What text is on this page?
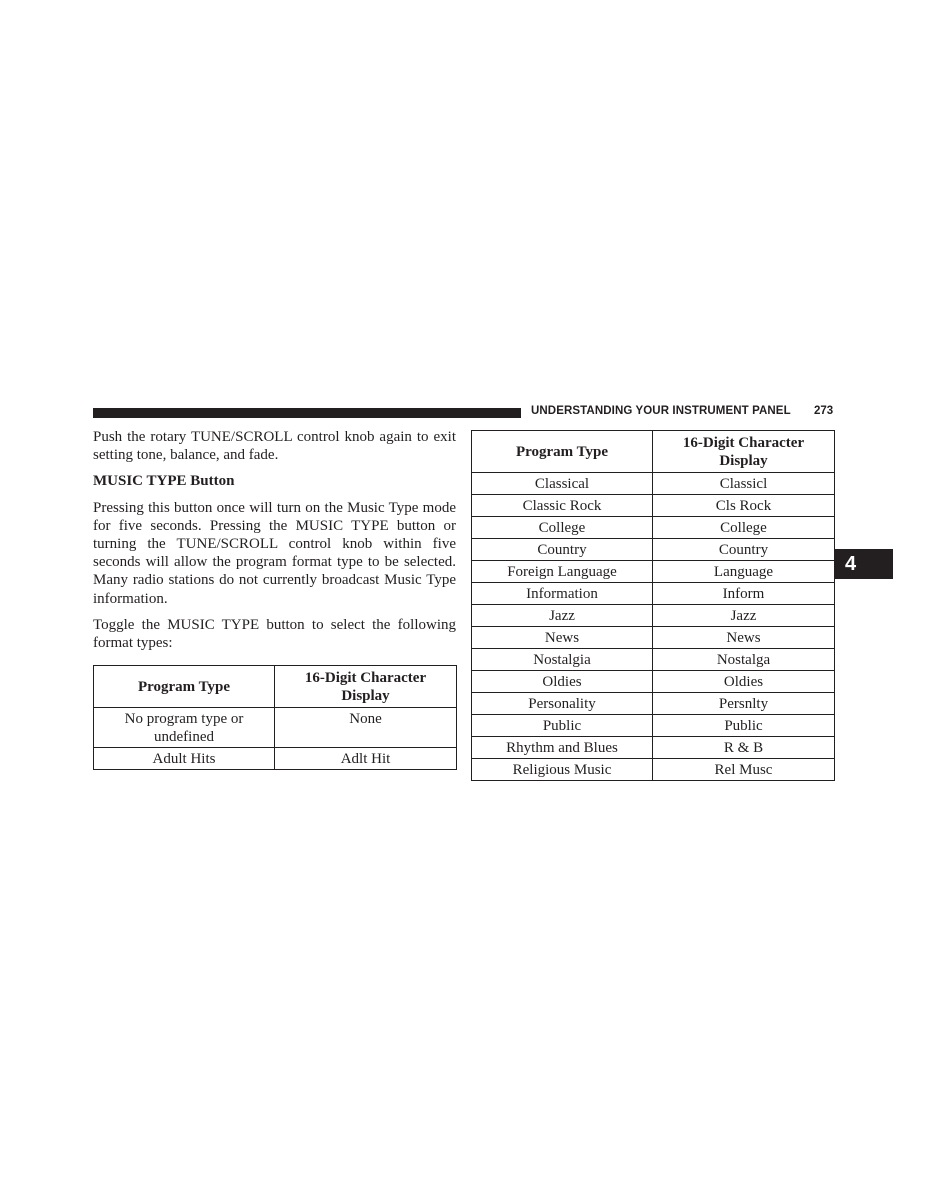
UNDERSTANDING YOUR INSTRUMENT PANEL 273
4

Push the rotary TUNE/SCROLL control knob again to exit setting tone, balance, and fade.

MUSIC TYPE Button

Pressing this button once will turn on the Music Type mode for five seconds. Pressing the MUSIC TYPE button or turning the TUNE/SCROLL control knob within five seconds will allow the program format type to be selected. Many radio stations do not currently broadcast Music Type information.

Toggle the MUSIC TYPE button to select the following format types:

Program Type	16-Digit Character Display
No program type or undefined	None
Adult Hits	Adlt Hit
Program Type	16-Digit Character Display
Classical	Classicl
Classic Rock	Cls Rock
College	College
Country	Country
Foreign Language	Language
Information	Inform
Jazz	Jazz
News	News
Nostalgia	Nostalga
Oldies	Oldies
Personality	Persnlty
Public	Public
Rhythm and Blues	R & B
Religious Music	Rel Musc
